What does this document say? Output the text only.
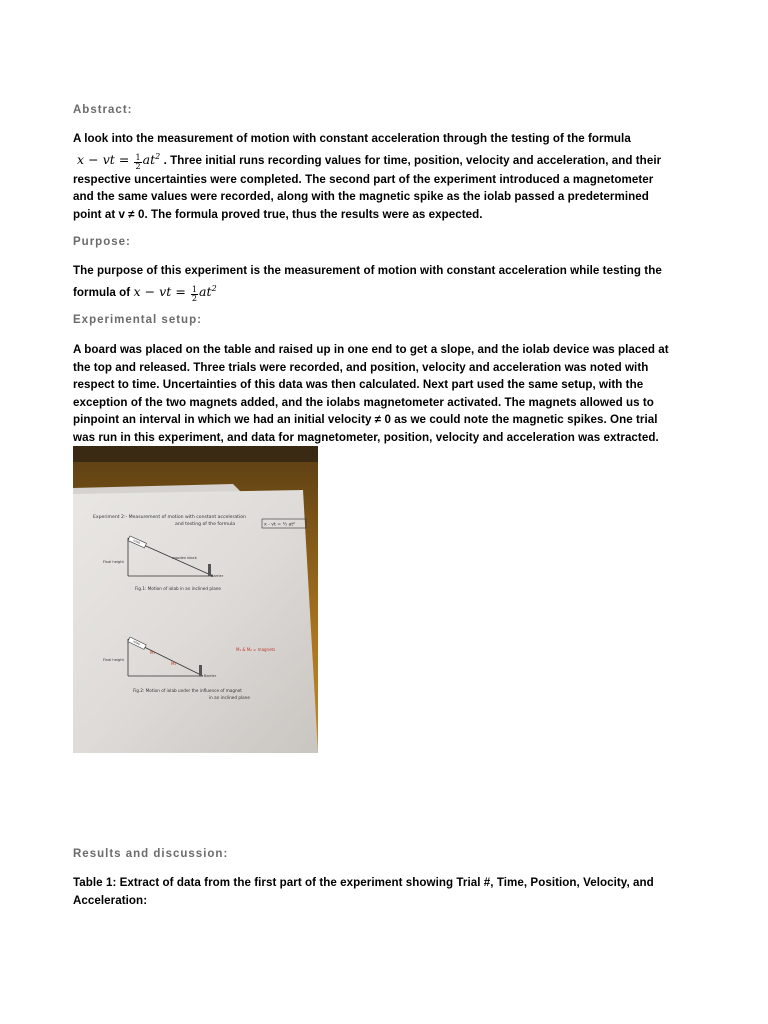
Abstract:
A look into the measurement of motion with constant acceleration through the testing of the formula
x − vt = $\frac{1}{2} at^2$ . Three initial runs recording values for time, position, velocity and acceleration, and their
respective uncertainties were completed. The second part of the experiment introduced a magnetometer
and the same values were recorded, along with the magnetic spike as the iolab passed a predetermined
point at v ≠ 0. The formula proved true, thus the results were as expected.
Purpose:
The purpose of this experiment is the measurement of motion with constant acceleration while testing the
formula of x − vt = $\frac{1}{2} at^2$
Experimental setup:
A board was placed on the table and raised up in one end to get a slope, and the iolab device was placed at
the top and released. Three trials were recorded, and position, velocity and acceleration was noted with
respect to time. Uncertainties of this data was then calculated. Next part used the same setup, with the
exception of the two magnets added, and the iolabs magnetometer activated. The magnets allowed us to
pinpoint an interval in which we had an initial velocity ≠ 0 as we could note the magnetic spikes. One trial
was run in this experiment, and data for magnetometer, position, velocity and acceleration was extracted.
Experiment 2:- Measurement of motion with constant acceleration
and testing of the formula	x - vt = ½ at²
iolab
wooden block
Final height
Barrier
Fig.1: Motion of iolab in an inclined plane
iolab
M₁
M₂
M₁ & M₂ = magnets
Final height
Barrier
Fig.2: Motion of iolab under the influence of magnet
in an inclined plane
Results and discussion:
Table 1: Extract of data from the first part of the experiment showing Trial #, Time, Position, Velocity, and
Acceleration:
